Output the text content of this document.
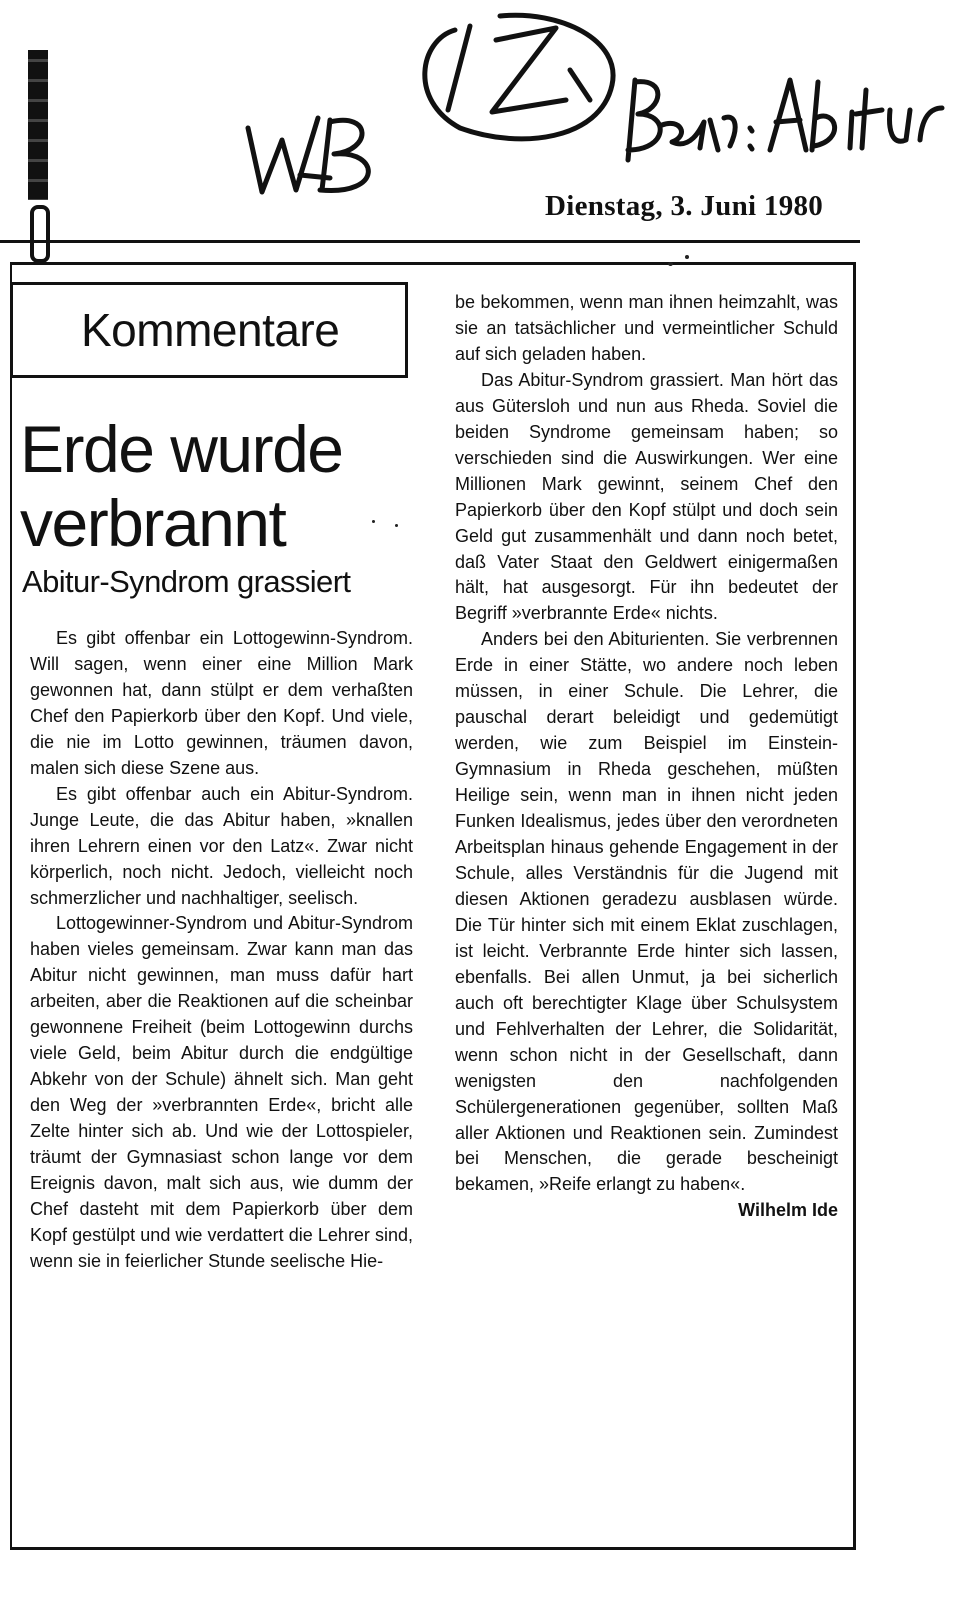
Dienstag, 3. Juni 1980
Kommentare
Erde wurde
verbrannt
Abitur-Syndrom grassiert

Es gibt offenbar ein Lottogewinn-Syndrom. Will sagen, wenn einer eine Million Mark gewonnen hat, dann stülpt er dem verhaßten Chef den Papierkorb über den Kopf. Und viele, die nie im Lotto gewinnen, träumen davon, malen sich diese Szene aus.

Es gibt offenbar auch ein Abitur-Syndrom. Junge Leute, die das Abitur haben, »knallen ihren Lehrern einen vor den Latz«. Zwar nicht körperlich, noch nicht. Jedoch, vielleicht noch schmerzlicher und nachhaltiger, seelisch.

Lottogewinner-Syndrom und Abitur-Syndrom haben vieles gemeinsam. Zwar kann man das Abitur nicht gewinnen, man muss dafür hart arbeiten, aber die Reaktionen auf die scheinbar gewonnene Freiheit (beim Lottogewinn durchs viele Geld, beim Abitur durch die endgültige Abkehr von der Schule) ähnelt sich. Man geht den Weg der »verbrannten Erde«, bricht alle Zelte hinter sich ab. Und wie der Lottospieler, träumt der Gymnasiast schon lange vor dem Ereignis davon, malt sich aus, wie dumm der Chef dasteht mit dem Papierkorb über dem Kopf gestülpt und wie verdattert die Lehrer sind, wenn sie in feierlicher Stunde seelische Hie-

be bekommen, wenn man ihnen heimzahlt, was sie an tatsächlicher und vermeintlicher Schuld auf sich geladen haben.

Das Abitur-Syndrom grassiert. Man hört das aus Gütersloh und nun aus Rheda. Soviel die beiden Syndrome gemeinsam haben; so verschieden sind die Auswirkungen. Wer eine Millionen Mark gewinnt, seinem Chef den Papierkorb über den Kopf stülpt und doch sein Geld gut zusammenhält und dann noch betet, daß Vater Staat den Geldwert einigermaßen hält, hat ausgesorgt. Für ihn bedeutet der Begriff »verbrannte Erde« nichts.

Anders bei den Abiturienten. Sie verbrennen Erde in einer Stätte, wo andere noch leben müssen, in einer Schule. Die Lehrer, die pauschal derart beleidigt und gedemütigt werden, wie zum Beispiel im Einstein-Gymnasium in Rheda geschehen, müßten Heilige sein, wenn man in ihnen nicht jeden Funken Idealismus, jedes über den verordneten Arbeitsplan hinaus gehende Engagement in der Schule, alles Verständnis für die Jugend mit diesen Aktionen geradezu ausblasen würde. Die Tür hinter sich mit einem Eklat zuschlagen, ist leicht. Verbrannte Erde hinter sich lassen, ebenfalls. Bei allen Unmut, ja bei sicherlich auch oft berechtigter Klage über Schulsystem und Fehlverhalten der Lehrer, die Solidarität, wenn schon nicht in der Gesellschaft, dann wenigsten den nachfolgenden Schülergenerationen gegenüber, sollten Maß aller Aktionen und Reaktionen sein. Zumindest bei Menschen, die gerade bescheinigt bekamen, »Reife erlangt zu haben«.
Wilhelm Ide
